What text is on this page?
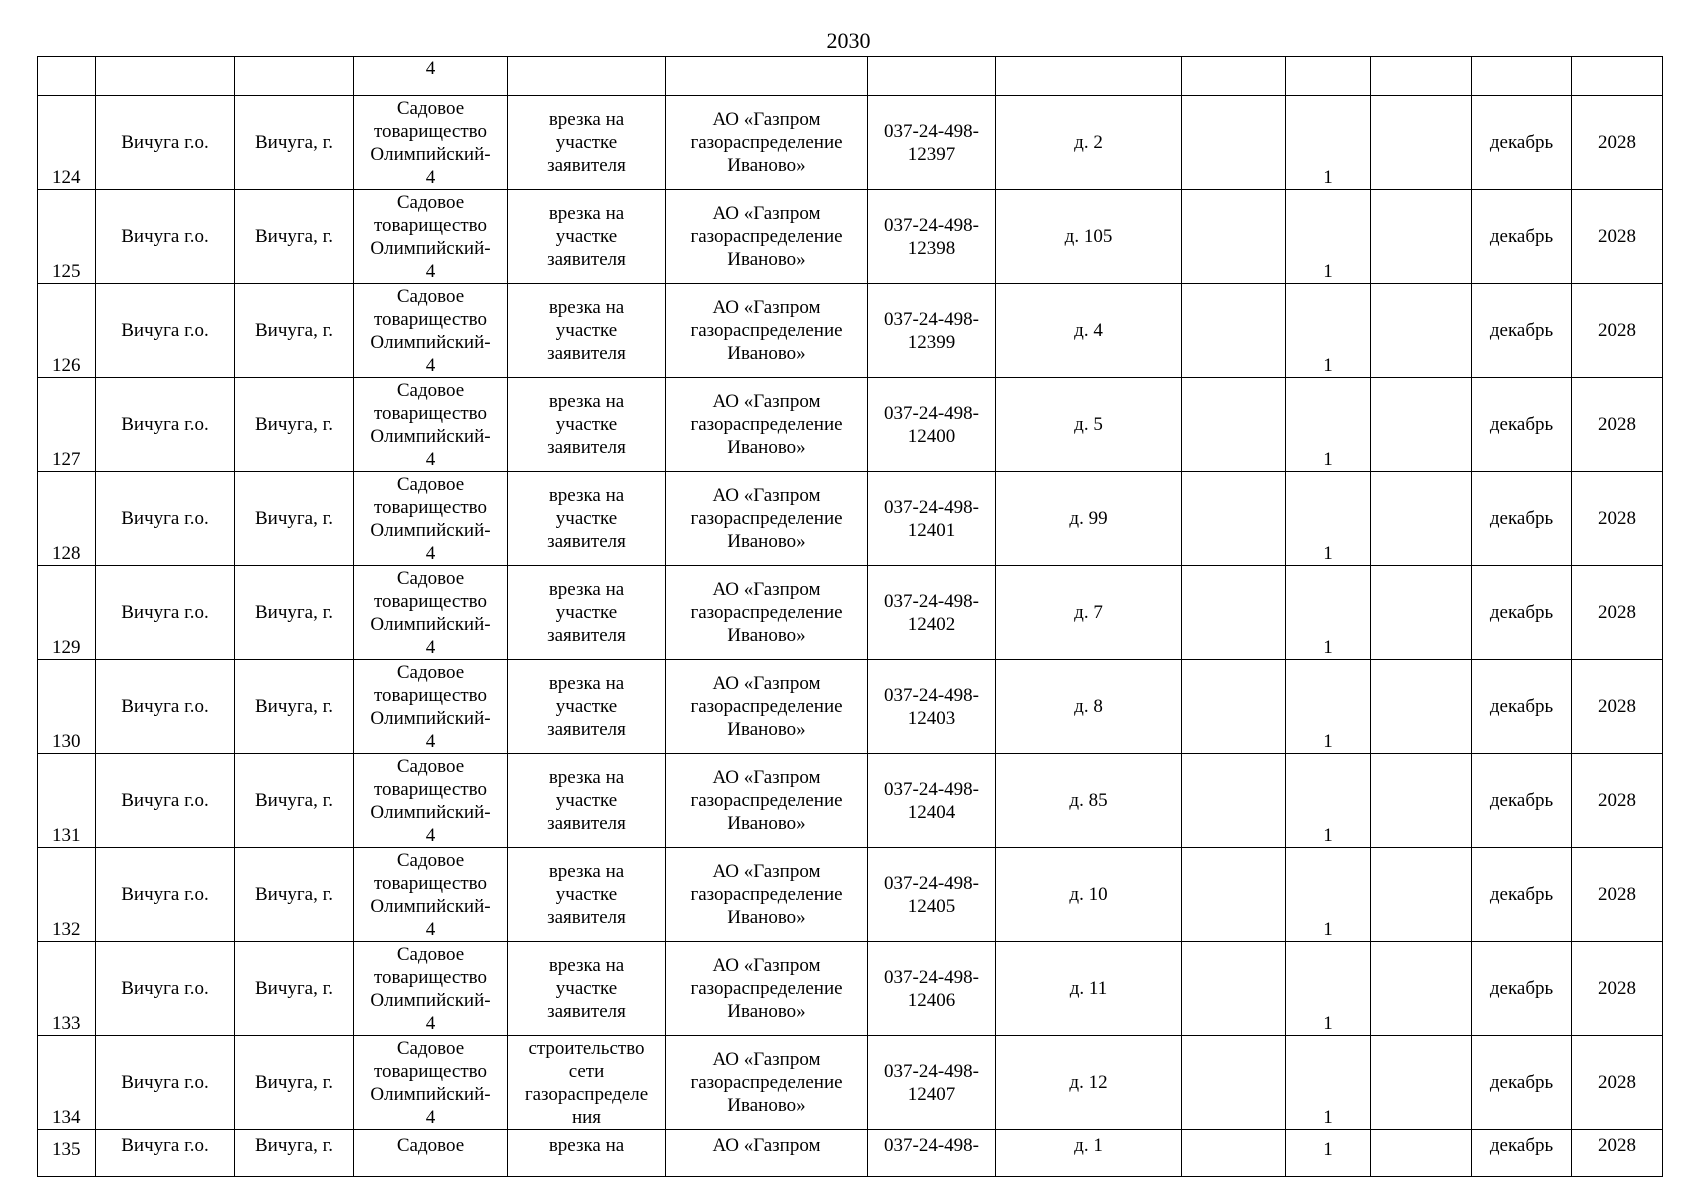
2030
			4									
124	Вичуга г.о.	Вичуга, г.	Садовое
товарищество
Олимпийский-
4	врезка на
участке
заявителя	АО «Газпром
газораспределение
Иваново»	037-24-498-
12397	д. 2		1		декабрь	2028
125	Вичуга г.о.	Вичуга, г.	Садовое
товарищество
Олимпийский-
4	врезка на
участке
заявителя	АО «Газпром
газораспределение
Иваново»	037-24-498-
12398	д. 105		1		декабрь	2028
126	Вичуга г.о.	Вичуга, г.	Садовое
товарищество
Олимпийский-
4	врезка на
участке
заявителя	АО «Газпром
газораспределение
Иваново»	037-24-498-
12399	д. 4		1		декабрь	2028
127	Вичуга г.о.	Вичуга, г.	Садовое
товарищество
Олимпийский-
4	врезка на
участке
заявителя	АО «Газпром
газораспределение
Иваново»	037-24-498-
12400	д. 5		1		декабрь	2028
128	Вичуга г.о.	Вичуга, г.	Садовое
товарищество
Олимпийский-
4	врезка на
участке
заявителя	АО «Газпром
газораспределение
Иваново»	037-24-498-
12401	д. 99		1		декабрь	2028
129	Вичуга г.о.	Вичуга, г.	Садовое
товарищество
Олимпийский-
4	врезка на
участке
заявителя	АО «Газпром
газораспределение
Иваново»	037-24-498-
12402	д. 7		1		декабрь	2028
130	Вичуга г.о.	Вичуга, г.	Садовое
товарищество
Олимпийский-
4	врезка на
участке
заявителя	АО «Газпром
газораспределение
Иваново»	037-24-498-
12403	д. 8		1		декабрь	2028
131	Вичуга г.о.	Вичуга, г.	Садовое
товарищество
Олимпийский-
4	врезка на
участке
заявителя	АО «Газпром
газораспределение
Иваново»	037-24-498-
12404	д. 85		1		декабрь	2028
132	Вичуга г.о.	Вичуга, г.	Садовое
товарищество
Олимпийский-
4	врезка на
участке
заявителя	АО «Газпром
газораспределение
Иваново»	037-24-498-
12405	д. 10		1		декабрь	2028
133	Вичуга г.о.	Вичуга, г.	Садовое
товарищество
Олимпийский-
4	врезка на
участке
заявителя	АО «Газпром
газораспределение
Иваново»	037-24-498-
12406	д. 11		1		декабрь	2028
134	Вичуга г.о.	Вичуга, г.	Садовое
товарищество
Олимпийский-
4	строительство
сети
газораспределе
ния	АО «Газпром
газораспределение
Иваново»	037-24-498-
12407	д. 12		1		декабрь	2028
135	Вичуга г.о.	Вичуга, г.	Садовое	врезка на	АО «Газпром	037-24-498-	д. 1		1		декабрь	2028
